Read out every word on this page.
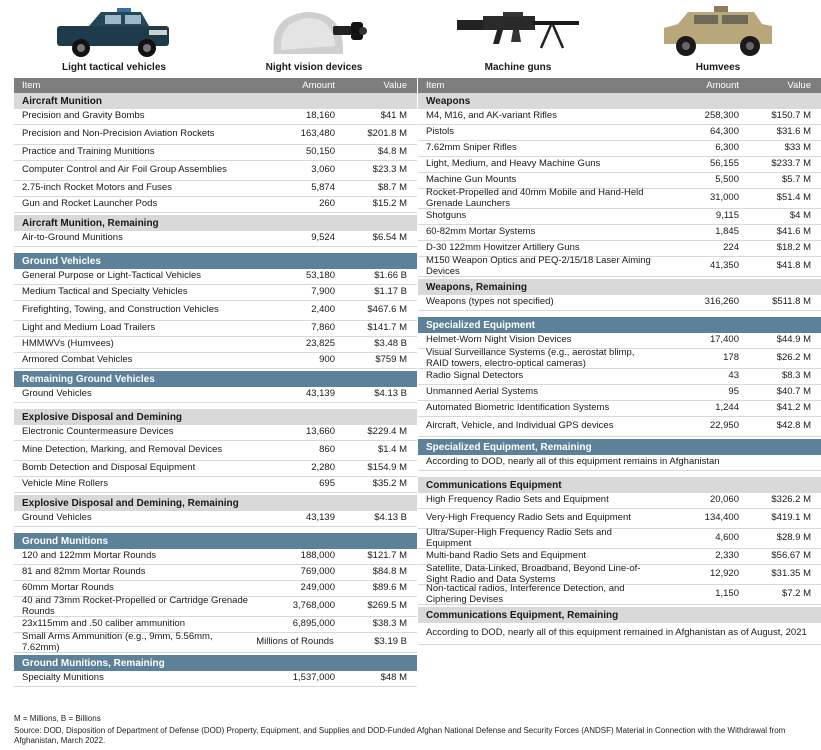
Light tactical vehicles	Night vision devices	Machine guns	Humvees
Item	Amount	Value
Aircraft Munition
Precision and Gravity Bombs	18,160	$41 M
Precision and Non-Precision Aviation Rockets	163,480	$201.8 M
Practice and Training Munitions	50,150	$4.8 M
Computer Control and Air Foil Group Assemblies	3,060	$23.3 M
2.75-inch Rocket Motors and Fuses	5,874	$8.7 M
Gun and Rocket Launcher Pods	260	$15.2 M
Aircraft Munition, Remaining
Air-to-Ground Munitions	9,524	$6.54 M
Ground Vehicles
General Purpose or Light-Tactical Vehicles	53,180	$1.66 B
Medium Tactical and Specialty Vehicles	7,900	$1.17 B
Firefighting, Towing, and Construction Vehicles	2,400	$467.6 M
Light and Medium Load Trailers	7,860	$141.7 M
HMMWVs (Humvees)	23,825	$3.48 B
Armored Combat Vehicles	900	$759 M
Remaining Ground Vehicles
Ground Vehicles	43,139	$4.13 B
Explosive Disposal and Demining
Electronic Countermeasure Devices	13,660	$229.4 M
Mine Detection, Marking, and Removal Devices	860	$1.4 M
Bomb Detection and Disposal Equipment	2,280	$154.9 M
Vehicle Mine Rollers	695	$35.2 M
Explosive Disposal and Demining, Remaining
Ground Vehicles	43,139	$4.13 B
Ground Munitions
120 and 122mm Mortar Rounds	188,000	$121.7 M
81 and 82mm Mortar Rounds	769,000	$84.8 M
60mm Mortar Rounds	249,000	$89.6 M
40 and 73mm Rocket-Propelled or Cartridge Grenade Rounds	3,768,000	$269.5 M
23x115mm and .50 caliber ammunition	6,895,000	$38.3 M
Small Arms Ammunition (e.g., 9mm, 5.56mm, 7.62mm)	Millions of Rounds	$3.19 B
Ground Munitions, Remaining
Specialty Munitions	1,537,000	$48 M
Item	Amount	Value
Weapons
M4, M16, and AK-variant Rifles	258,300	$150.7 M
Pistols	64,300	$31.6 M
7.62mm Sniper Rifles	6,300	$33 M
Light, Medium, and Heavy Machine Guns	56,155	$233.7 M
Machine Gun Mounts	5,500	$5.7 M
Rocket-Propelled and 40mm Mobile and Hand-Held Grenade Launchers	31,000	$51.4 M
Shotguns	9,115	$4 M
60-82mm Mortar Systems	1,845	$41.6 M
D-30 122mm Howitzer Artillery Guns	224	$18.2 M
M150 Weapon Optics and PEQ-2/15/18 Laser Aiming Devices	41,350	$41.8 M
Weapons, Remaining
Weapons (types not specified)	316,260	$511.8 M
Specialized Equipment
Helmet-Worn Night Vision Devices	17,400	$44.9 M
Visual Surveillance Systems (e.g., aerostat blimp, RAID towers, electro-optical cameras)	178	$26.2 M
Radio Signal Detectors	43	$8.3 M
Unmanned Aerial Systems	95	$40.7 M
Automated Biometric Identification Systems	1,244	$41.2 M
Aircraft, Vehicle, and Individual GPS devices	22,950	$42.8 M
Specialized Equipment, Remaining
According to DOD, nearly all of this equipment remains in Afghanistan
Communications Equipment
High Frequency Radio Sets and Equipment	20,060	$326.2 M
Very-High Frequency Radio Sets and Equipment	134,400	$419.1 M
Ultra/Super-High Frequency Radio Sets and Equipment	4,600	$28.9 M
Multi-band Radio Sets and Equipment	2,330	$56.67 M
Satellite, Data-Linked, Broadband, Beyond Line-of-Sight Radio and Data Systems	12,920	$31.35 M
Non-tactical radios, Interference Detection, and Ciphering Devises	1,150	$7.2 M
Communications Equipment, Remaining
According to DOD, nearly all of this equipment remained in Afghanistan as of August, 2021
M = Millions, B = Billions
Source: DOD, Disposition of Department of Defense (DOD) Property, Equipment, and Supplies and DOD-Funded Afghan National Defense and Security Forces (ANDSF) Material in Connection with the Withdrawal from Afghanistan, March 2022.
